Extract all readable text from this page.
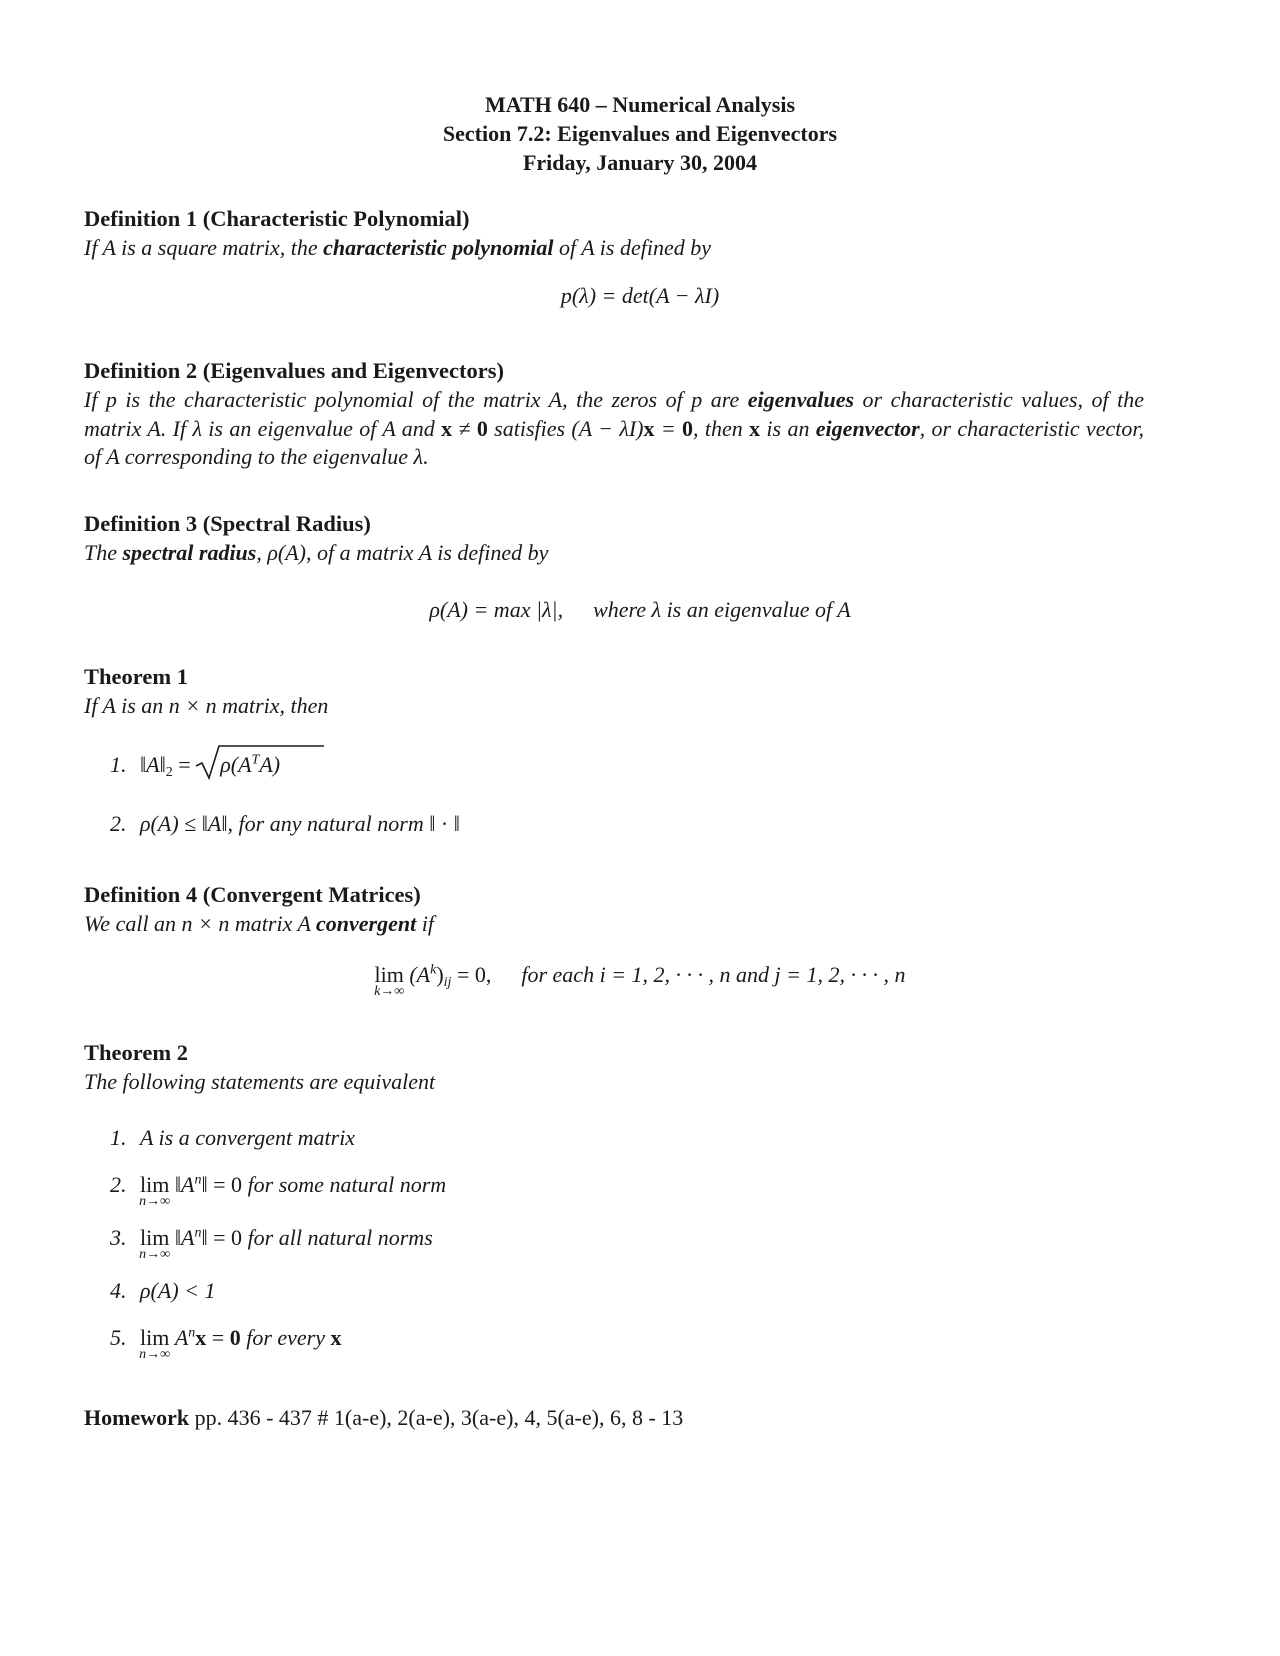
MATH 640 – Numerical Analysis
Section 7.2: Eigenvalues and Eigenvectors
Friday, January 30, 2004
Definition 1 (Characteristic Polynomial)
If A is a square matrix, the characteristic polynomial of A is defined by
p(λ) = det(A − λI)
Definition 2 (Eigenvalues and Eigenvectors)
If p is the characteristic polynomial of the matrix A, the zeros of p are eigenvalues or characteristic values, of the matrix A. If λ is an eigenvalue of A and x ≠ 0 satisfies (A − λI)x = 0, then x is an eigenvector, or characteristic vector, of A corresponding to the eigenvalue λ.
Definition 3 (Spectral Radius)
The spectral radius, ρ(A), of a matrix A is defined by
ρ(A) = max |λ|, where λ is an eigenvalue of A
Theorem 1
If A is an n × n matrix, then
1. ‖A‖2 =
$\rho(A^TA)$
2. ρ(A) ≤ ‖A‖, for any natural norm ‖ · ‖
Definition 4 (Convergent Matrices)
We call an n × n matrix A convergent if
lim
k→∞
$(A^k)ij = 0$, for each i = 1, 2, · · · , n and j = 1, 2, · · · , n
Theorem 2
The following statements are equivalent
1. A is a convergent matrix
2. lim
n→∞
$‖A^n‖ = 0$ for some natural norm
3. lim
n→∞
$‖A^n‖ = 0$ for all natural norms
4. ρ(A) < 1
5. lim
n→∞
$A^nx = 0$ for every x
Homework pp. 436 - 437 # 1(a-e), 2(a-e), 3(a-e), 4, 5(a-e), 6, 8 - 13
